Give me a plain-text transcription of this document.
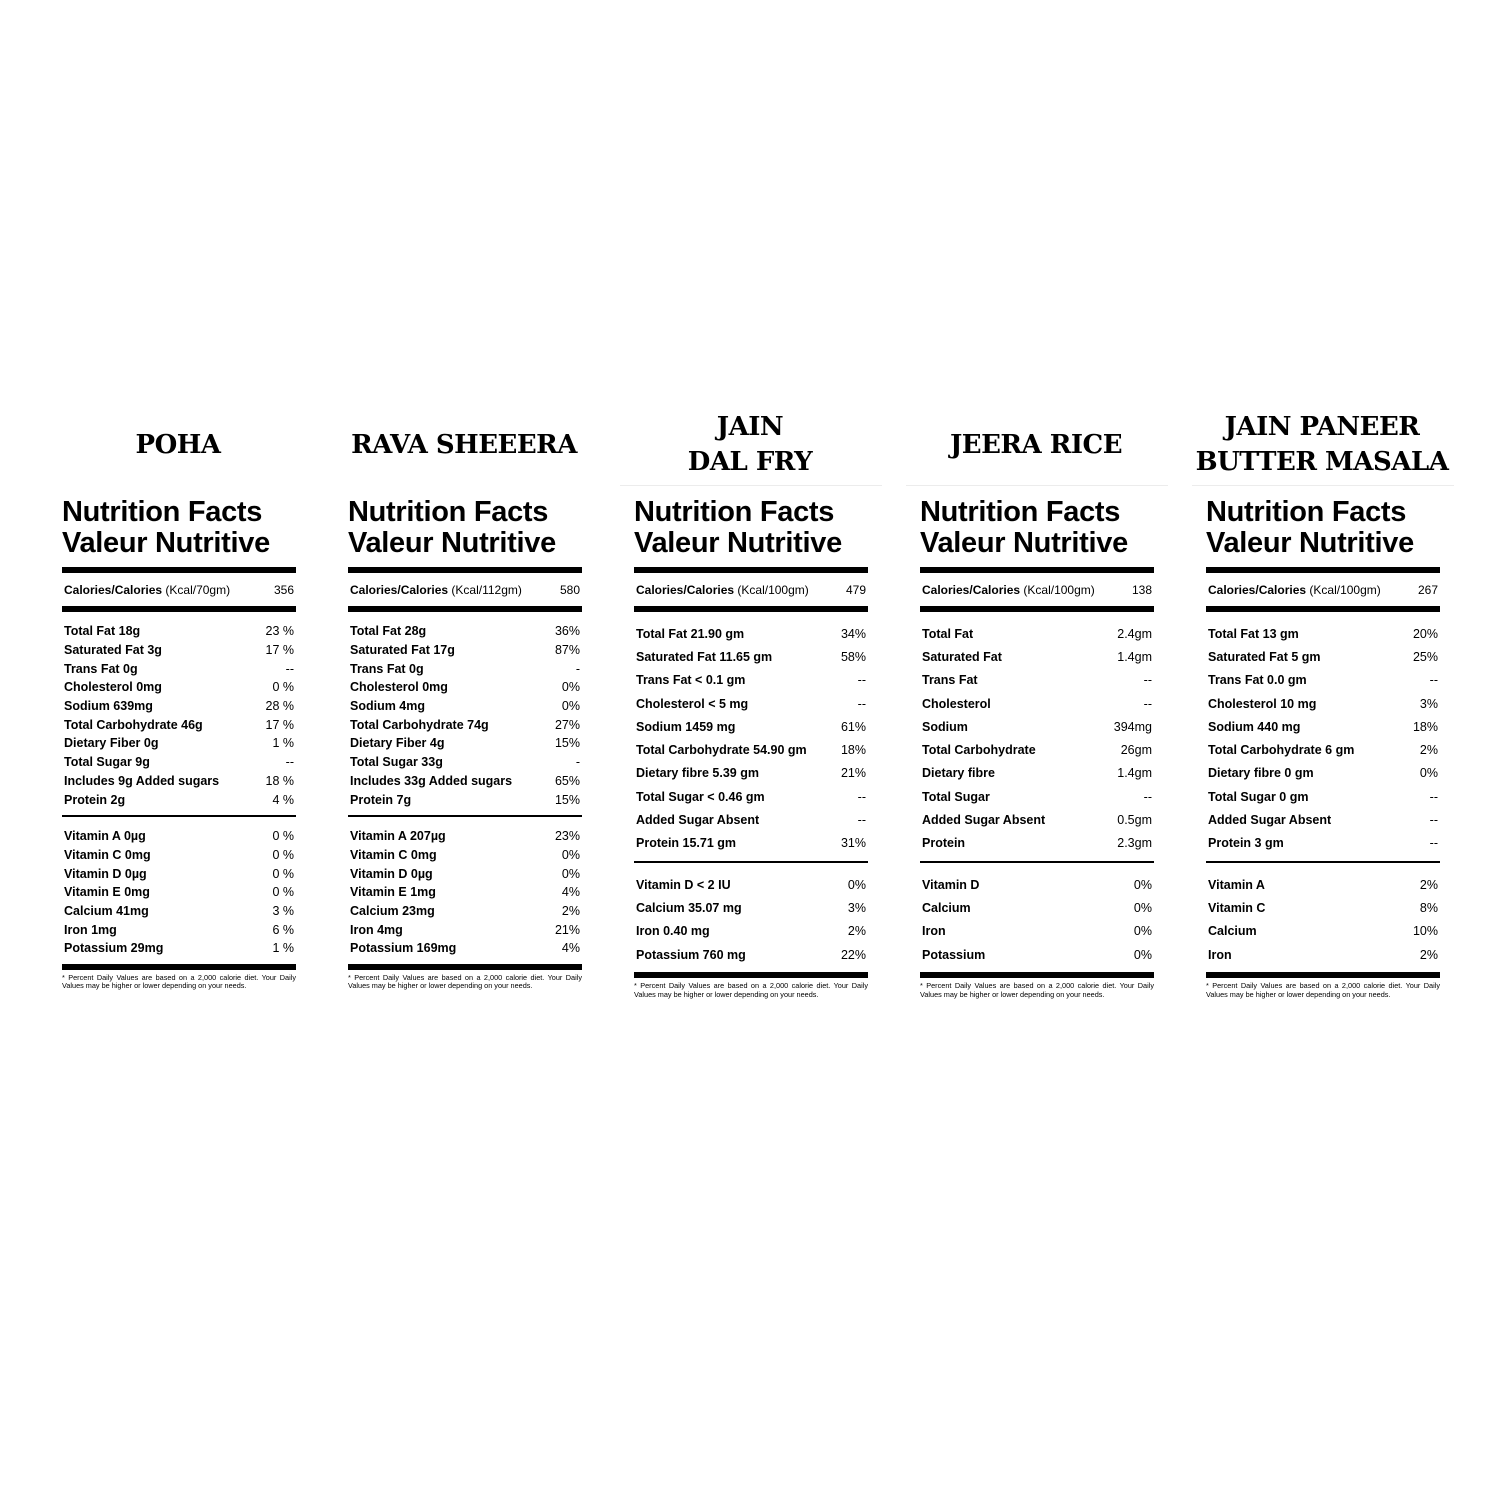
POHA
Nutrition Facts
Valeur Nutritive
Calories/Calories (Kcal/70gm)	356
Total Fat 18g	23 %
Saturated Fat 3g	17 %
Trans Fat 0g	--
Cholesterol 0mg	0 %
Sodium 639mg	28 %
Total Carbohydrate 46g	17 %
Dietary Fiber 0g	1 %
Total Sugar 9g	--
Includes 9g Added sugars	18 %
Protein 2g	4 %
Vitamin A 0µg	0 %
Vitamin C 0mg	0 %
Vitamin D 0µg	0 %
Vitamin E 0mg	0 %
Calcium 41mg	3 %
Iron 1mg	6 %
Potassium 29mg	1 %
* Percent Daily Values are based on a 2,000 calorie diet. Your Daily Values may be higher or lower depending on your needs.
RAVA SHEEERA
Nutrition Facts
Valeur Nutritive
Calories/Calories (Kcal/112gm)	580
Total Fat 28g	36%
Saturated Fat 17g	87%
Trans Fat 0g	-
Cholesterol 0mg	0%
Sodium 4mg	0%
Total Carbohydrate 74g	27%
Dietary Fiber 4g	15%
Total Sugar 33g	-
Includes 33g Added sugars	65%
Protein 7g	15%
Vitamin A 207µg	23%
Vitamin C 0mg	0%
Vitamin D 0µg	0%
Vitamin E 1mg	4%
Calcium 23mg	2%
Iron 4mg	21%
Potassium 169mg	4%
* Percent Daily Values are based on a 2,000 calorie diet. Your Daily Values may be higher or lower depending on your needs.
JAIN
DAL FRY
Nutrition Facts
Valeur Nutritive
Calories/Calories (Kcal/100gm)	479
Total Fat 21.90 gm	34%
Saturated Fat 11.65 gm	58%
Trans Fat < 0.1 gm	--
Cholesterol < 5 mg	--
Sodium 1459 mg	61%
Total Carbohydrate 54.90 gm	18%
Dietary fibre 5.39 gm	21%
Total Sugar < 0.46 gm	--
Added Sugar Absent	--
Protein 15.71 gm	31%
Vitamin D < 2 IU	0%
Calcium 35.07 mg	3%
Iron 0.40 mg	2%
Potassium 760 mg	22%
* Percent Daily Values are based on a 2,000 calorie diet. Your Daily Values may be higher or lower depending on your needs.
JEERA RICE
Nutrition Facts
Valeur Nutritive
Calories/Calories (Kcal/100gm)	138
Total Fat	2.4gm
Saturated Fat	1.4gm
Trans Fat	--
Cholesterol	--
Sodium	394mg
Total Carbohydrate	26gm
Dietary fibre	1.4gm
Total Sugar	--
Added Sugar Absent	0.5gm
Protein	2.3gm
Vitamin D	0%
Calcium	0%
Iron	0%
Potassium	0%
* Percent Daily Values are based on a 2,000 calorie diet. Your Daily Values may be higher or lower depending on your needs.
JAIN PANEER
BUTTER MASALA
Nutrition Facts
Valeur Nutritive
Calories/Calories (Kcal/100gm)	267
Total Fat 13 gm	20%
Saturated Fat 5 gm	25%
Trans Fat 0.0 gm	--
Cholesterol 10 mg	3%
Sodium 440 mg	18%
Total Carbohydrate 6 gm	2%
Dietary fibre 0 gm	0%
Total Sugar 0 gm	--
Added Sugar Absent	--
Protein 3 gm	--
Vitamin A	2%
Vitamin C	8%
Calcium	10%
Iron	2%
* Percent Daily Values are based on a 2,000 calorie diet. Your Daily Values may be higher or lower depending on your needs.
